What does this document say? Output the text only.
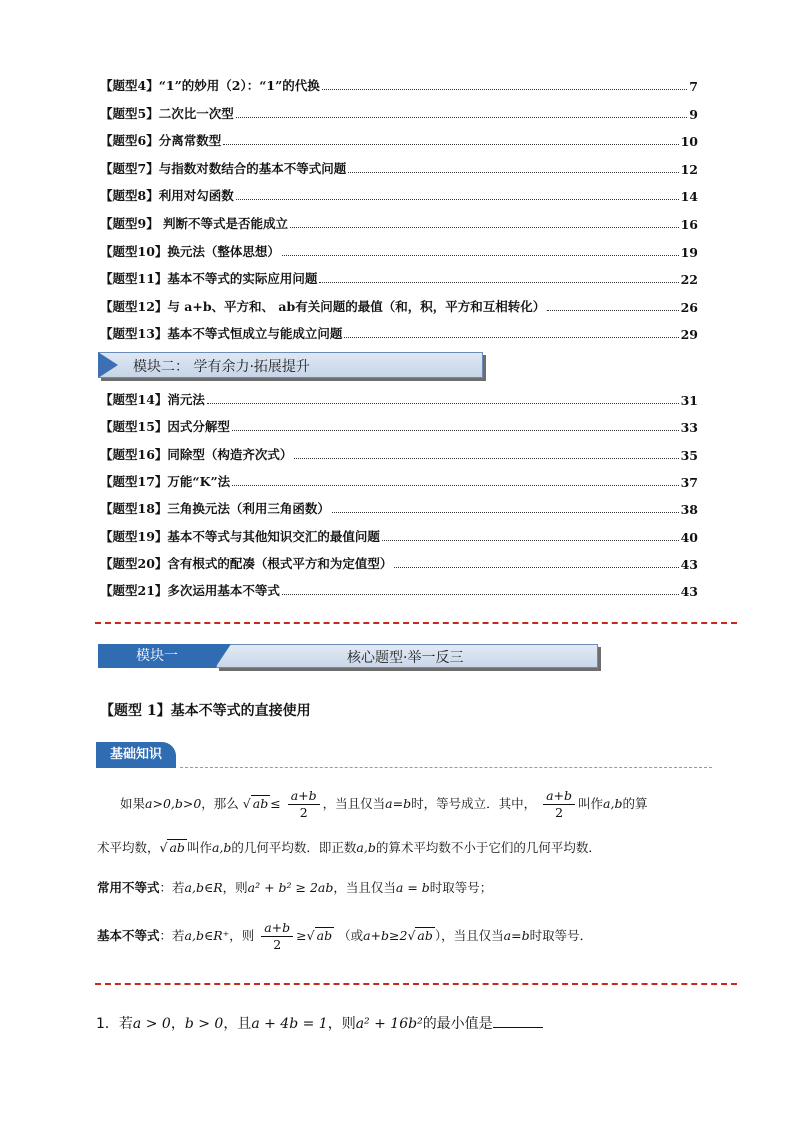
【题型4】“1”的妙用（2）：“1”的代换	7
【题型5】二次比一次型	9
【题型6】分离常数型	10
【题型7】与指数对数结合的基本不等式问题	12
【题型8】利用对勾函数	14
【题型9】 判断不等式是否能成立	16
【题型10】换元法（整体思想）	19
【题型11】基本不等式的实际应用问题	22
【题型12】与 a+b、平方和、 ab有关问题的最值（和，积，平方和互相转化）	26
【题型13】基本不等式恒成立与能成立问题	29
模块二： 学有余力·拓展提升
【题型14】消元法	31
【题型15】因式分解型	33
【题型16】同除型（构造齐次式）	35
【题型17】万能“K”法	37
【题型18】三角换元法（利用三角函数）	38
【题型19】基本不等式与其他知识交汇的最值问题	40
【题型20】含有根式的配凑（根式平方和为定值型）	43
【题型21】多次运用基本不等式	43
模块一	核心题型·举一反三
【题型 1】基本不等式的直接使用
基础知识
如果a>0,b>0，那么 √ ab ≤ $\frac{a+b}{2}$ ，当且仅当a=b时，等号成立．其中， $\frac{a+b}{2}$ 叫作a,b的算
术平均数，√ ab 叫作a,b的几何平均数．即正数a,b的算术平均数不小于它们的几何平均数．
常用不等式：若a,b∈R，则a² + b² ≥ 2ab，当且仅当a = b时取等号；
基本不等式：若a,b∈R⁺，则 $\frac{a+b}{2}$ ≥√ ab （或a+b≥2√ ab ），当且仅当a=b时取等号．
1．若a > 0，b > 0，且a + 4b = 1，则a² + 16b²的最小值是
